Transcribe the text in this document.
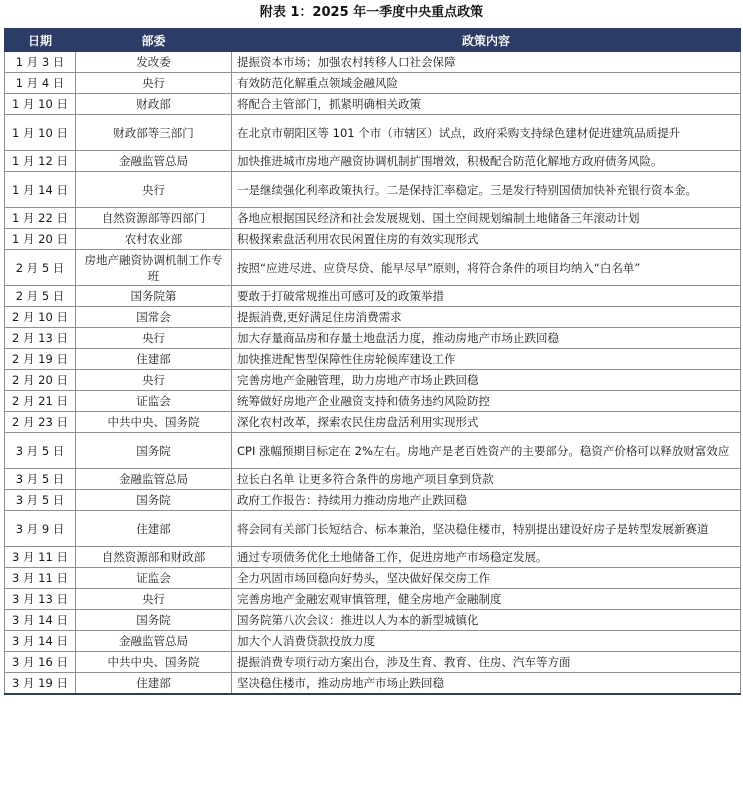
附表 1：2025 年一季度中央重点政策
日期	部委	政策内容
1 月 3 日	发改委	提振资本市场；加强农村转移人口社会保障
1 月 4 日	央行	有效防范化解重点领域金融风险
1 月 10 日	财政部	将配合主管部门，抓紧明确相关政策
1 月 10 日	财政部等三部门	在北京市朝阳区等 101 个市（市辖区）试点，政府采购支持绿色建材促进建筑品质提升
1 月 12 日	金融监管总局	加快推进城市房地产融资协调机制扩围增效，积极配合防范化解地方政府债务风险。
1 月 14 日	央行	一是继续强化利率政策执行。二是保持汇率稳定。三是发行特别国债加快补充银行资本金。
1 月 22 日	自然资源部等四部门	各地应根据国民经济和社会发展规划、国土空间规划编制土地储备三年滚动计划
1 月 20 日	农村农业部	积极探索盘活利用农民闲置住房的有效实现形式
2 月 5 日	房地产融资协调机制工作专班	按照“应进尽进、应贷尽贷、能早尽早”原则，将符合条件的项目均纳入“白名单”
2 月 5 日	国务院第	要敢于打破常规推出可感可及的政策举措
2 月 10 日	国常会	提振消费,更好满足住房消费需求
2 月 13 日	央行	加大存量商品房和存量土地盘活力度，推动房地产市场止跌回稳
2 月 19 日	住建部	加快推进配售型保障性住房轮候库建设工作
2 月 20 日	央行	完善房地产金融管理，助力房地产市场止跌回稳
2 月 21 日	证监会	统筹做好房地产企业融资支持和债务违约风险防控
2 月 23 日	中共中央、国务院	深化农村改革，探索农民住房盘活利用实现形式
3 月 5 日	国务院	CPI 涨幅预期目标定在 2%左右。房地产是老百姓资产的主要部分。稳资产价格可以释放财富效应
3 月 5 日	金融监管总局	拉长白名单 让更多符合条件的房地产项目拿到贷款
3 月 5 日	国务院	政府工作报告：持续用力推动房地产止跌回稳
3 月 9 日	住建部	将会同有关部门长短结合、标本兼治，坚决稳住楼市，特别提出建设好房子是转型发展新赛道
3 月 11 日	自然资源部和财政部	通过专项债务优化土地储备工作，促进房地产市场稳定发展。
3 月 11 日	证监会	全力巩固市场回稳向好势头，坚决做好保交房工作
3 月 13 日	央行	完善房地产金融宏观审慎管理，健全房地产金融制度
3 月 14 日	国务院	国务院第八次会议：推进以人为本的新型城镇化
3 月 14 日	金融监管总局	加大个人消费贷款投放力度
3 月 16 日	中共中央、国务院	提振消费专项行动方案出台，涉及生育、教育、住房、汽车等方面
3 月 19 日	住建部	坚决稳住楼市，推动房地产市场止跌回稳
